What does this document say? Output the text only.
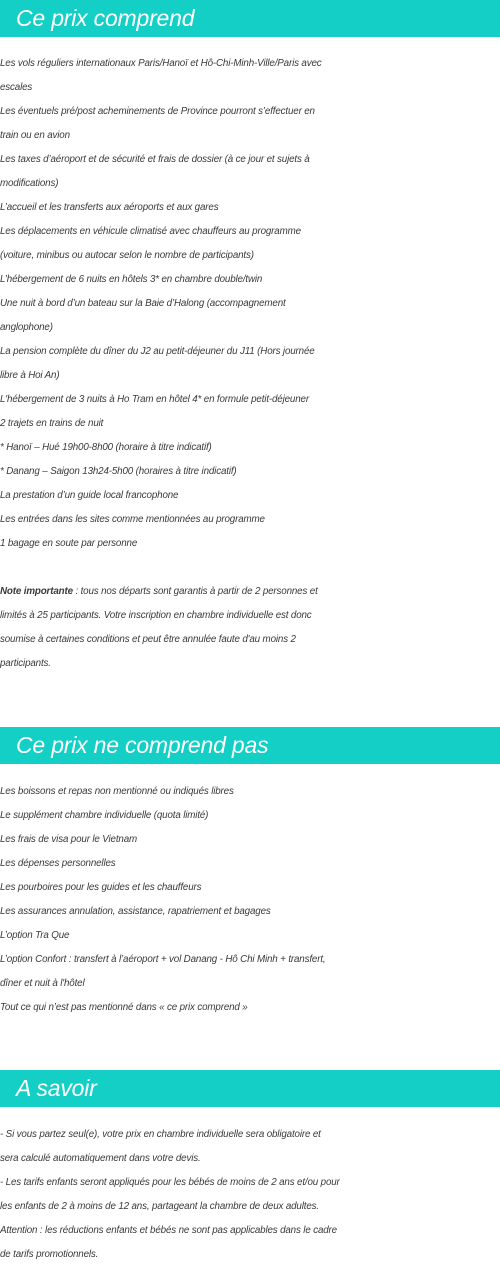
Ce prix comprend
Les vols réguliers internationaux Paris/Hanoï et Hô-Chi-Minh-Ville/Paris avec
escales
Les éventuels pré/post acheminements de Province pourront s’effectuer en
train ou en avion
Les taxes d’aéroport et de sécurité et frais de dossier (à ce jour et sujets à
modifications)
L’accueil et les transferts aux aéroports et aux gares
Les déplacements en véhicule climatisé avec chauffeurs au programme
(voiture, minibus ou autocar selon le nombre de participants)
L’hébergement de 6 nuits en hôtels 3* en chambre double/twin
Une nuit à bord d’un bateau sur la Baie d’Halong (accompagnement
anglophone)
La pension complète du dîner du J2 au petit-déjeuner du J11 (Hors journée
libre à Hoi An)
L'hébergement de 3 nuits à Ho Tram en hôtel 4* en formule petit-déjeuner
2 trajets en trains de nuit
* Hanoï – Hué 19h00-8h00 (horaire à titre indicatif)
* Danang – Saigon 13h24-5h00 (horaires à titre indicatif)
La prestation d’un guide local francophone
Les entrées dans les sites comme mentionnées au programme
1 bagage en soute par personne
Note importante : tous nos départs sont garantis à partir de 2 personnes et
limités à 25 participants. Votre inscription en chambre individuelle est donc
soumise à certaines conditions et peut être annulée faute d'au moins 2
participants.
Ce prix ne comprend pas
Les boissons et repas non mentionné ou indiqués libres
Le supplément chambre individuelle (quota limité)
Les frais de visa pour le Vietnam
Les dépenses personnelles
Les pourboires pour les guides et les chauffeurs
Les assurances annulation, assistance, rapatriement et bagages
L’option Tra Que
L’option Confort : transfert à l’aéroport + vol Danang - Hô Chi Minh + transfert,
dîner et nuit à l'hôtel
Tout ce qui n’est pas mentionné dans « ce prix comprend »
A savoir
- Si vous partez seul(e), votre prix en chambre individuelle sera obligatoire et
sera calculé automatiquement dans votre devis.
- Les tarifs enfants seront appliqués pour les bébés de moins de 2 ans et/ou pour
les enfants de 2 à moins de 12 ans, partageant la chambre de deux adultes.
Attention : les réductions enfants et bébés ne sont pas applicables dans le cadre
de tarifs promotionnels.
